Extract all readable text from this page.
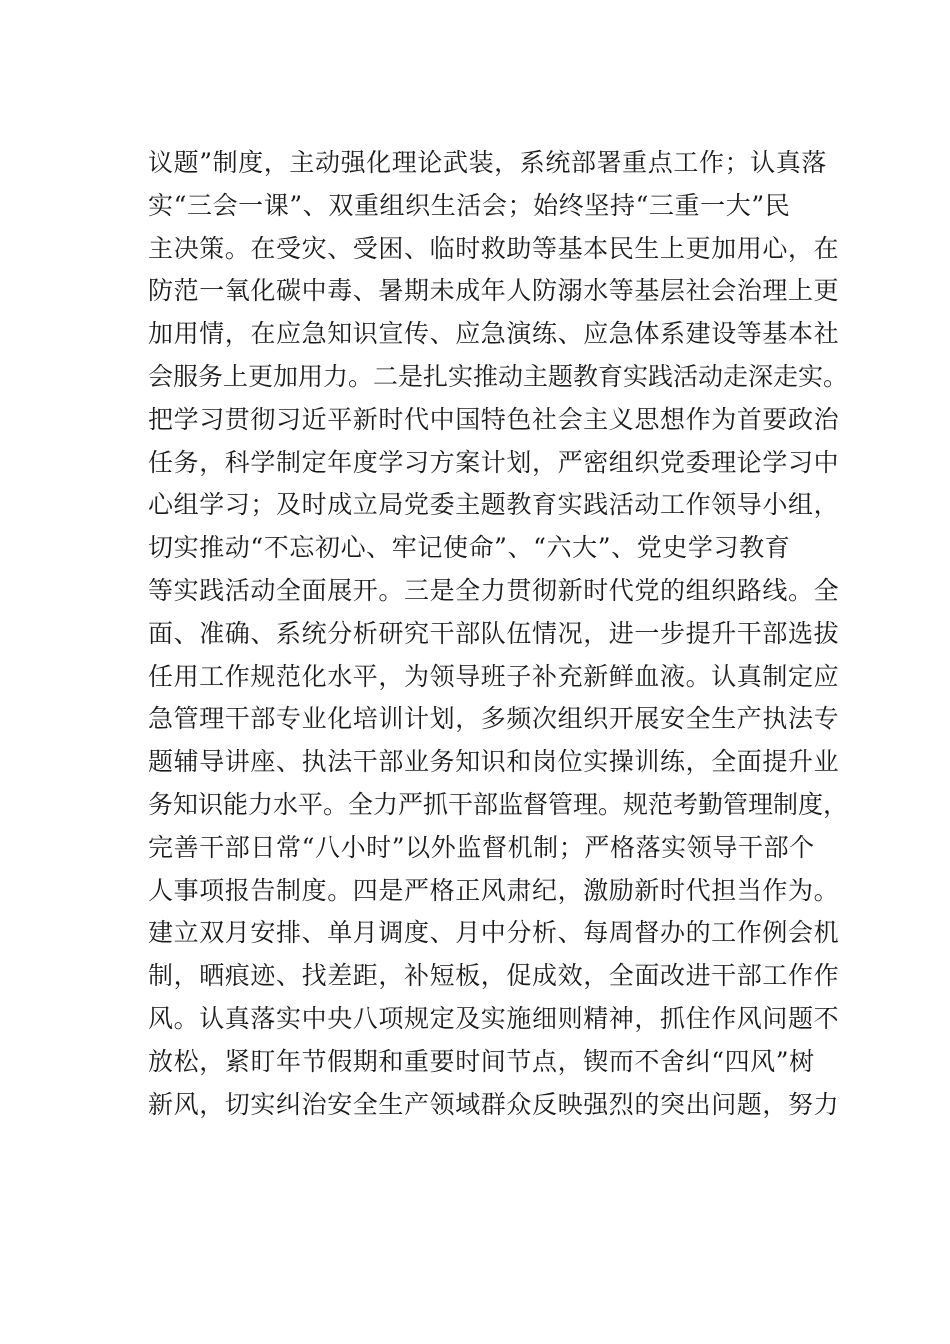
议题”制度，主动强化理论武装，系统部署重点工作；认真落
实“三会一课”、双重组织生活会；始终坚持“三重一大”民
主决策。在受灾、受困、临时救助等基本民生上更加用心，在
防范一氧化碳中毒、暑期未成年人防溺水等基层社会治理上更
加用情，在应急知识宣传、应急演练、应急体系建设等基本社
会服务上更加用力。二是扎实推动主题教育实践活动走深走实。
把学习贯彻习近平新时代中国特色社会主义思想作为首要政治
任务，科学制定年度学习方案计划，严密组织党委理论学习中
心组学习；及时成立局党委主题教育实践活动工作领导小组，
切实推动“不忘初心、牢记使命”、“六大”、党史学习教育
等实践活动全面展开。三是全力贯彻新时代党的组织路线。全
面、准确、系统分析研究干部队伍情况，进一步提升干部选拔
任用工作规范化水平，为领导班子补充新鲜血液。认真制定应
急管理干部专业化培训计划，多频次组织开展安全生产执法专
题辅导讲座、执法干部业务知识和岗位实操训练，全面提升业
务知识能力水平。全力严抓干部监督管理。规范考勤管理制度，
完善干部日常“八小时”以外监督机制；严格落实领导干部个
人事项报告制度。四是严格正风肃纪，激励新时代担当作为。
建立双月安排、单月调度、月中分析、每周督办的工作例会机
制，晒痕迹、找差距，补短板，促成效，全面改进干部工作作
风。认真落实中央八项规定及实施细则精神，抓住作风问题不
放松，紧盯年节假期和重要时间节点，锲而不舍纠“四风”树
新风，切实纠治安全生产领域群众反映强烈的突出问题，努力
